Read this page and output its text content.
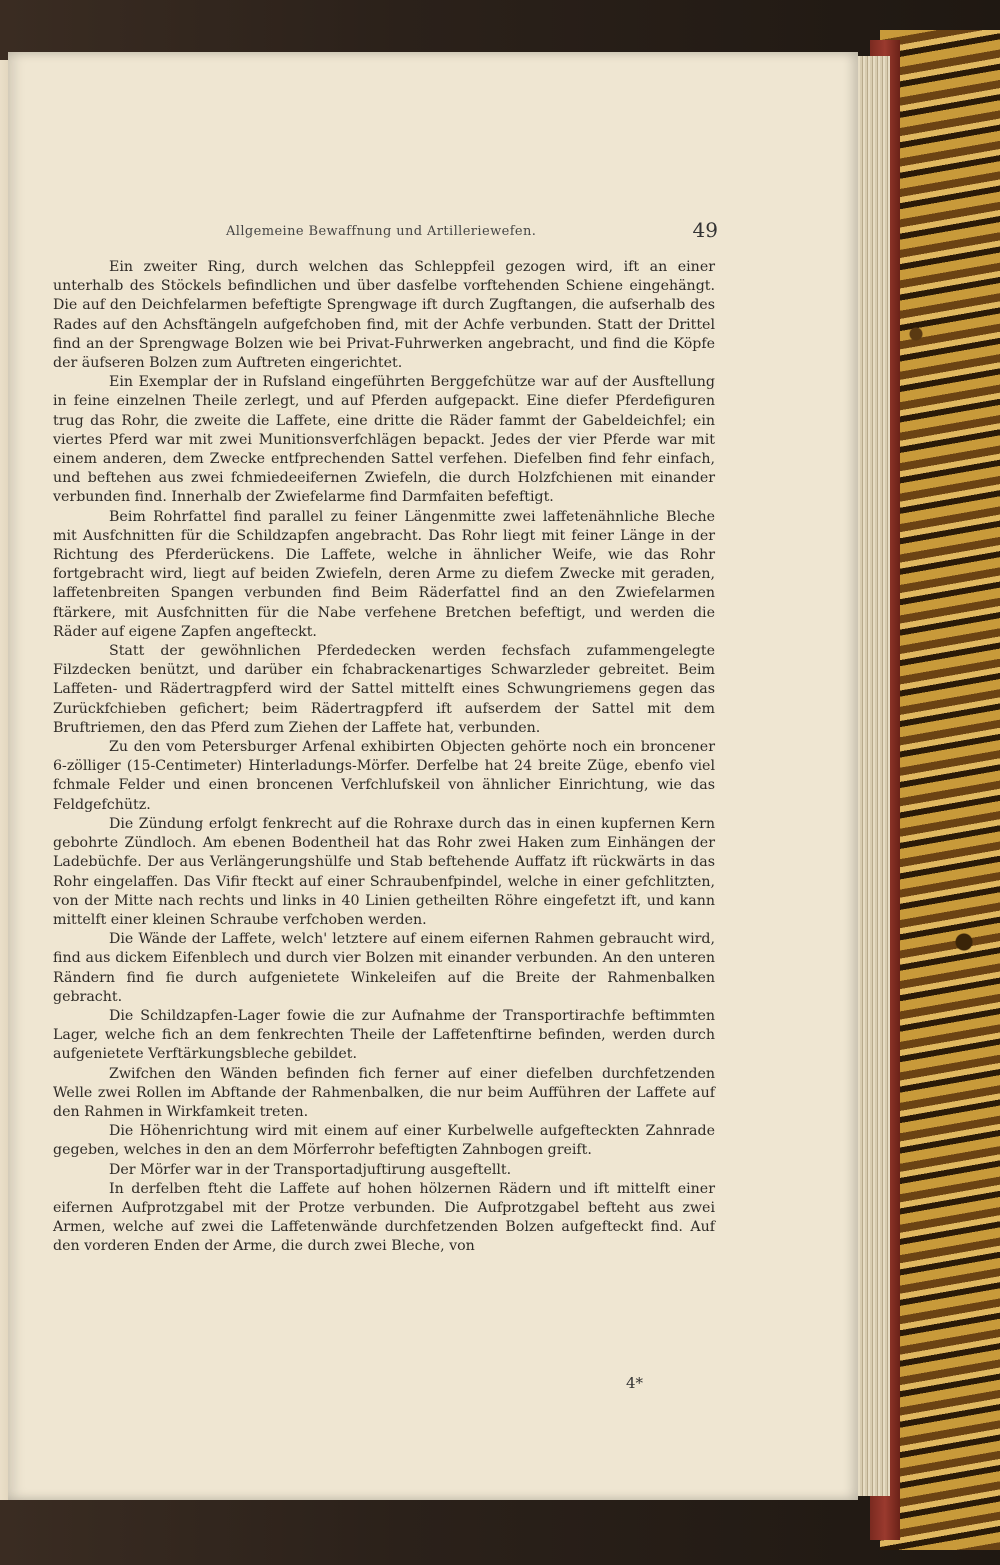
Allgemeine Bewaffnung und Artilleriewefen.	49

Ein zweiter Ring, durch welchen das Schleppfeil gezogen wird, ift an einer unterhalb des Stöckels befindlichen und über dasfelbe vorftehenden Schiene eingehängt. Die auf den Deichfelarmen befeftigte Sprengwage ift durch Zugftangen, die aufserhalb des Rades auf den Achsftängeln aufgefchoben find, mit der Achfe verbunden. Statt der Drittel find an der Sprengwage Bolzen wie bei Privat-Fuhrwerken angebracht, und find die Köpfe der äufseren Bolzen zum Auftreten eingerichtet.

Ein Exemplar der in Rufsland eingeführten Berggefchütze war auf der Ausftellung in feine einzelnen Theile zerlegt, und auf Pferden aufgepackt. Eine diefer Pferdefiguren trug das Rohr, die zweite die Laffete, eine dritte die Räder fammt der Gabeldeichfel; ein viertes Pferd war mit zwei Munitionsverfchlägen bepackt. Jedes der vier Pferde war mit einem anderen, dem Zwecke entfprechenden Sattel verfehen. Diefelben find fehr einfach, und beftehen aus zwei fchmiedeeifernen Zwiefeln, die durch Holzfchienen mit einander verbunden find. Innerhalb der Zwiefelarme find Darmfaiten befeftigt.

Beim Rohrfattel find parallel zu feiner Längenmitte zwei laffetenähnliche Bleche mit Ausfchnitten für die Schildzapfen angebracht. Das Rohr liegt mit feiner Länge in der Richtung des Pferderückens. Die Laffete, welche in ähnlicher Weife, wie das Rohr fortgebracht wird, liegt auf beiden Zwiefeln, deren Arme zu diefem Zwecke mit geraden, laffetenbreiten Spangen verbunden find Beim Räderfattel find an den Zwiefelarmen ftärkere, mit Ausfchnitten für die Nabe verfehene Bretchen befeftigt, und werden die Räder auf eigene Zapfen angefteckt.

Statt der gewöhnlichen Pferdedecken werden fechsfach zufammengelegte Filzdecken benützt, und darüber ein fchabrackenartiges Schwarzleder gebreitet. Beim Laffeten- und Rädertragpferd wird der Sattel mittelft eines Schwungriemens gegen das Zurückfchieben gefichert; beim Rädertragpferd ift aufserdem der Sattel mit dem Bruftriemen, den das Pferd zum Ziehen der Laffete hat, verbunden.

Zu den vom Petersburger Arfenal exhibirten Objecten gehörte noch ein broncener 6-zölliger (15-Centimeter) Hinterladungs-Mörfer. Derfelbe hat 24 breite Züge, ebenfo viel fchmale Felder und einen broncenen Verfchlufskeil von ähnlicher Einrichtung, wie das Feldgefchütz.

Die Zündung erfolgt fenkrecht auf die Rohraxe durch das in einen kupfernen Kern gebohrte Zündloch. Am ebenen Bodentheil hat das Rohr zwei Haken zum Einhängen der Ladebüchfe. Der aus Verlängerungshülfe und Stab beftehende Auffatz ift rückwärts in das Rohr eingelaffen. Das Vifir fteckt auf einer Schraubenfpindel, welche in einer gefchlitzten, von der Mitte nach rechts und links in 40 Linien getheilten Röhre eingefetzt ift, und kann mittelft einer kleinen Schraube verfchoben werden.

Die Wände der Laffete, welch' letztere auf einem eifernen Rahmen gebraucht wird, find aus dickem Eifenblech und durch vier Bolzen mit einander verbunden. An den unteren Rändern find fie durch aufgenietete Winkeleifen auf die Breite der Rahmenbalken gebracht.

Die Schildzapfen-Lager fowie die zur Aufnahme der Transportirachfe beftimmten Lager, welche fich an dem fenkrechten Theile der Laffetenftirne befinden, werden durch aufgenietete Verftärkungsbleche gebildet.

Zwifchen den Wänden befinden fich ferner auf einer diefelben durchfetzenden Welle zwei Rollen im Abftande der Rahmenbalken, die nur beim Aufführen der Laffete auf den Rahmen in Wirkfamkeit treten.

Die Höhenrichtung wird mit einem auf einer Kurbelwelle aufgefteckten Zahnrade gegeben, welches in den an dem Mörferrohr befeftigten Zahnbogen greift.

Der Mörfer war in der Transportadjuftirung ausgeftellt.

In derfelben fteht die Laffete auf hohen hölzernen Rädern und ift mittelft einer eifernen Aufprotzgabel mit der Protze verbunden. Die Aufprotzgabel befteht aus zwei Armen, welche auf zwei die Laffetenwände durchfetzenden Bolzen aufgefteckt find. Auf den vorderen Enden der Arme, die durch zwei Bleche, von

4*
